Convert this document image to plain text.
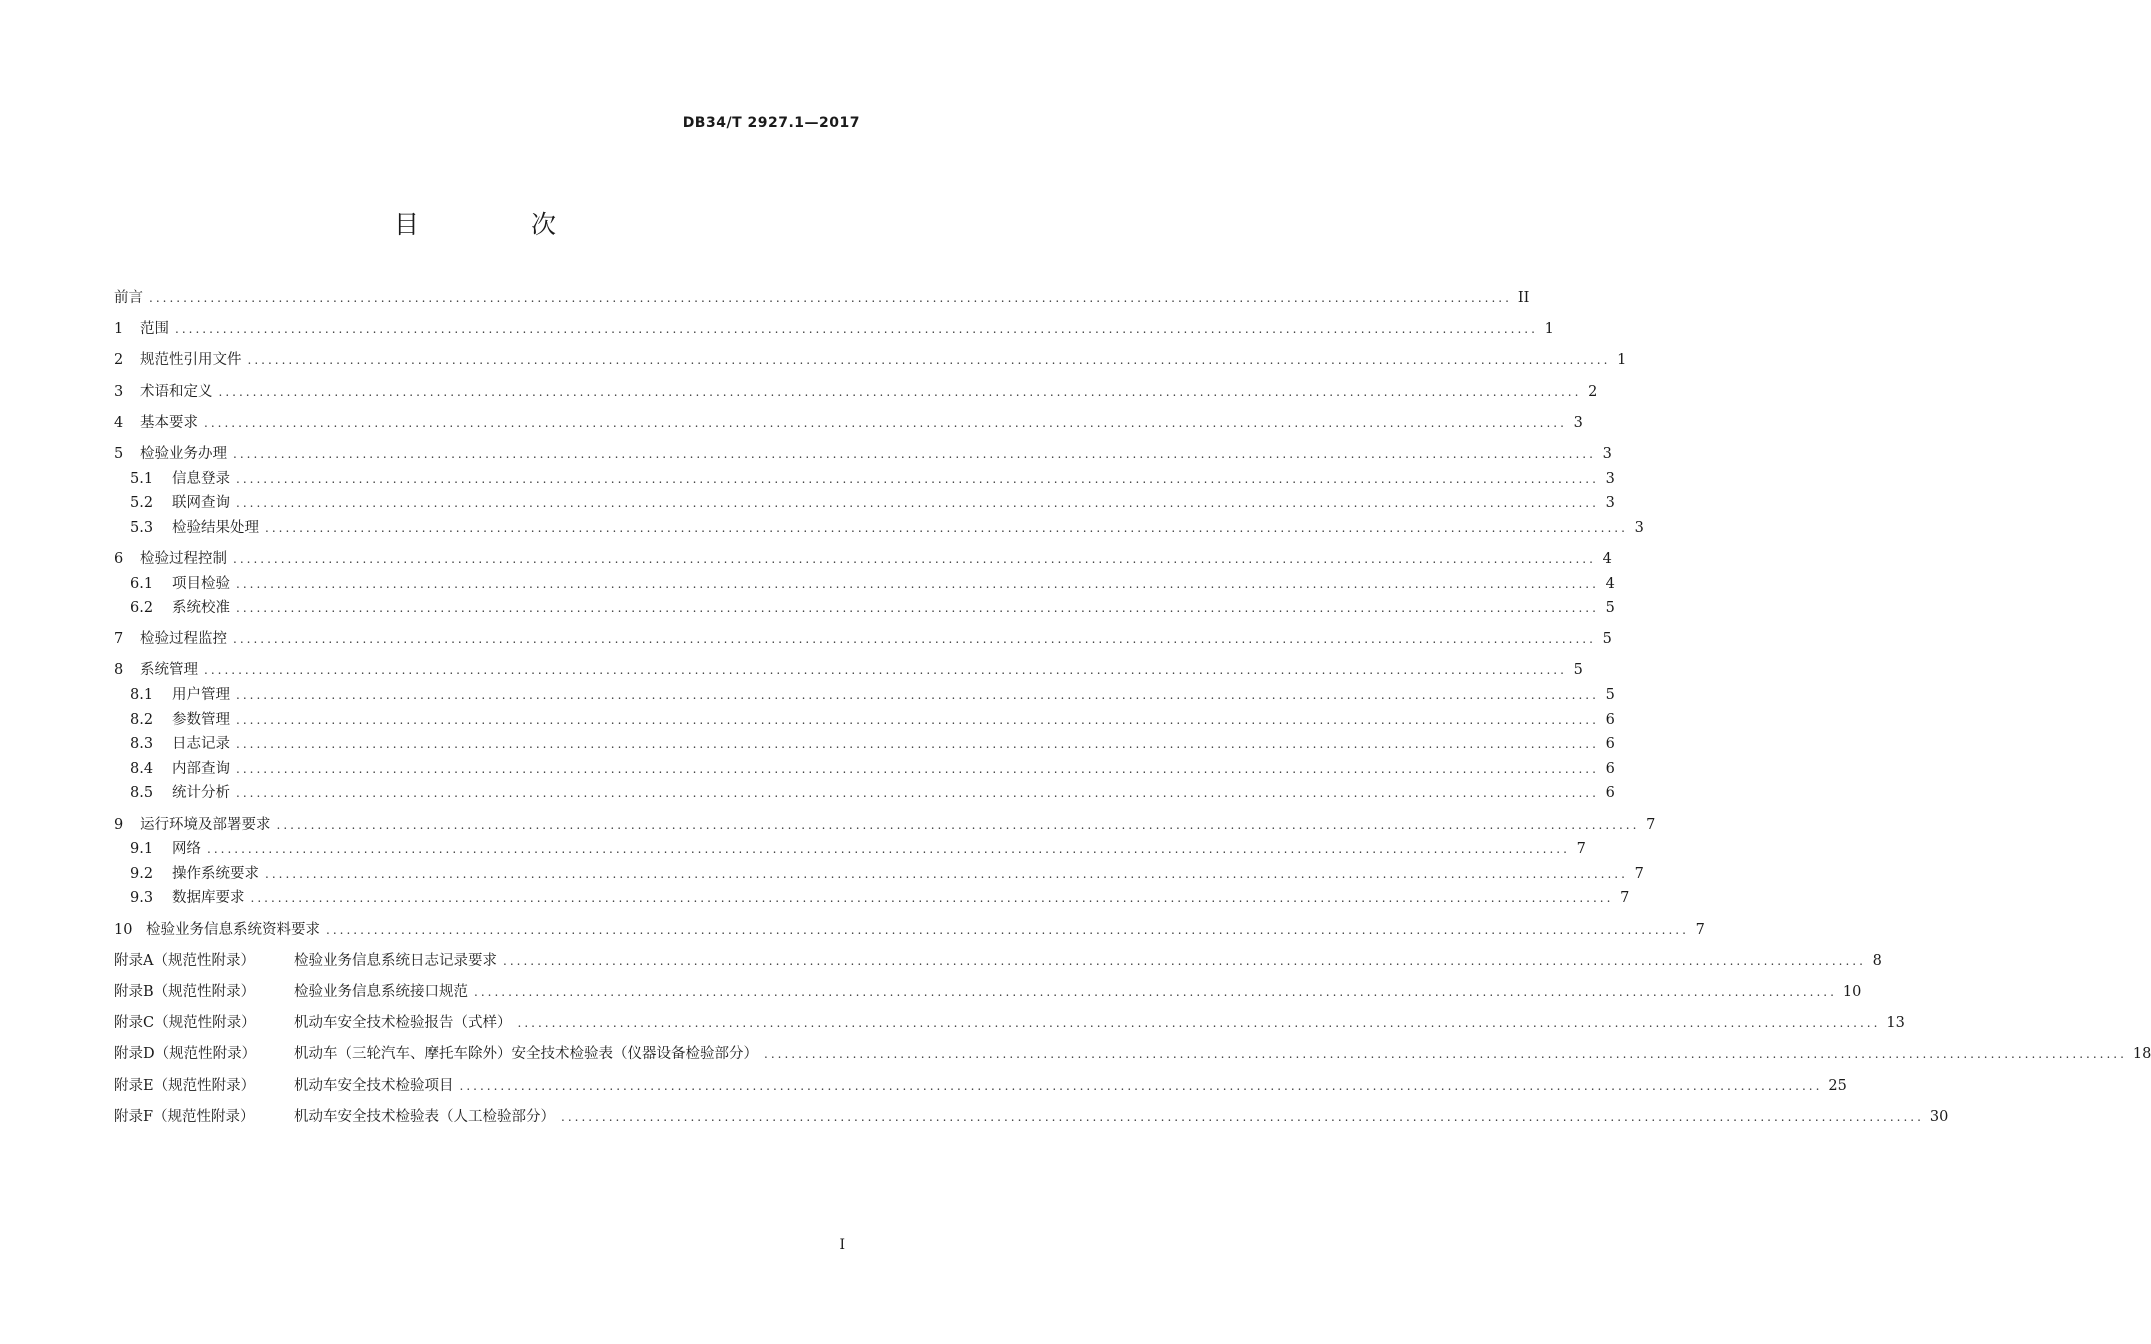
DB34/T 2927.1—2017
目 次
前言 ........................................................................................................................................................................................................ II
1	范围 ........................................................................................................................................................................................................ 1
2	规范性引用文件 ........................................................................................................................................................................................................ 1
3	术语和定义 ........................................................................................................................................................................................................ 2
4	基本要求 ........................................................................................................................................................................................................ 3
5	检验业务办理 ........................................................................................................................................................................................................ 3
5.1	信息登录 ........................................................................................................................................................................................................ 3
5.2	联网查询 ........................................................................................................................................................................................................ 3
5.3	检验结果处理 ........................................................................................................................................................................................................ 3
6	检验过程控制 ........................................................................................................................................................................................................ 4
6.1	项目检验 ........................................................................................................................................................................................................ 4
6.2	系统校准 ........................................................................................................................................................................................................ 5
7	检验过程监控 ........................................................................................................................................................................................................ 5
8	系统管理 ........................................................................................................................................................................................................ 5
8.1	用户管理 ........................................................................................................................................................................................................ 5
8.2	参数管理 ........................................................................................................................................................................................................ 6
8.3	日志记录 ........................................................................................................................................................................................................ 6
8.4	内部查询 ........................................................................................................................................................................................................ 6
8.5	统计分析 ........................................................................................................................................................................................................ 6
9	运行环境及部署要求 ........................................................................................................................................................................................................ 7
9.1	网络 ........................................................................................................................................................................................................ 7
9.2	操作系统要求 ........................................................................................................................................................................................................ 7
9.3	数据库要求 ........................................................................................................................................................................................................ 7
10 检验业务信息系统资料要求 ........................................................................................................................................................................................................ 7
附录A（规范性附录）	检验业务信息系统日志记录要求 ........................................................................................................................................................................................................ 8
附录B（规范性附录）	检验业务信息系统接口规范 ........................................................................................................................................................................................................ 10
附录C（规范性附录）	机动车安全技术检验报告（式样） ........................................................................................................................................................................................................ 13
附录D（规范性附录）	机动车（三轮汽车、摩托车除外）安全技术检验表（仪器设备检验部分） ........................................................................................................................................................................................................ 18
附录E（规范性附录）	机动车安全技术检验项目 ........................................................................................................................................................................................................ 25
附录F（规范性附录）	机动车安全技术检验表（人工检验部分） ........................................................................................................................................................................................................ 30
I
